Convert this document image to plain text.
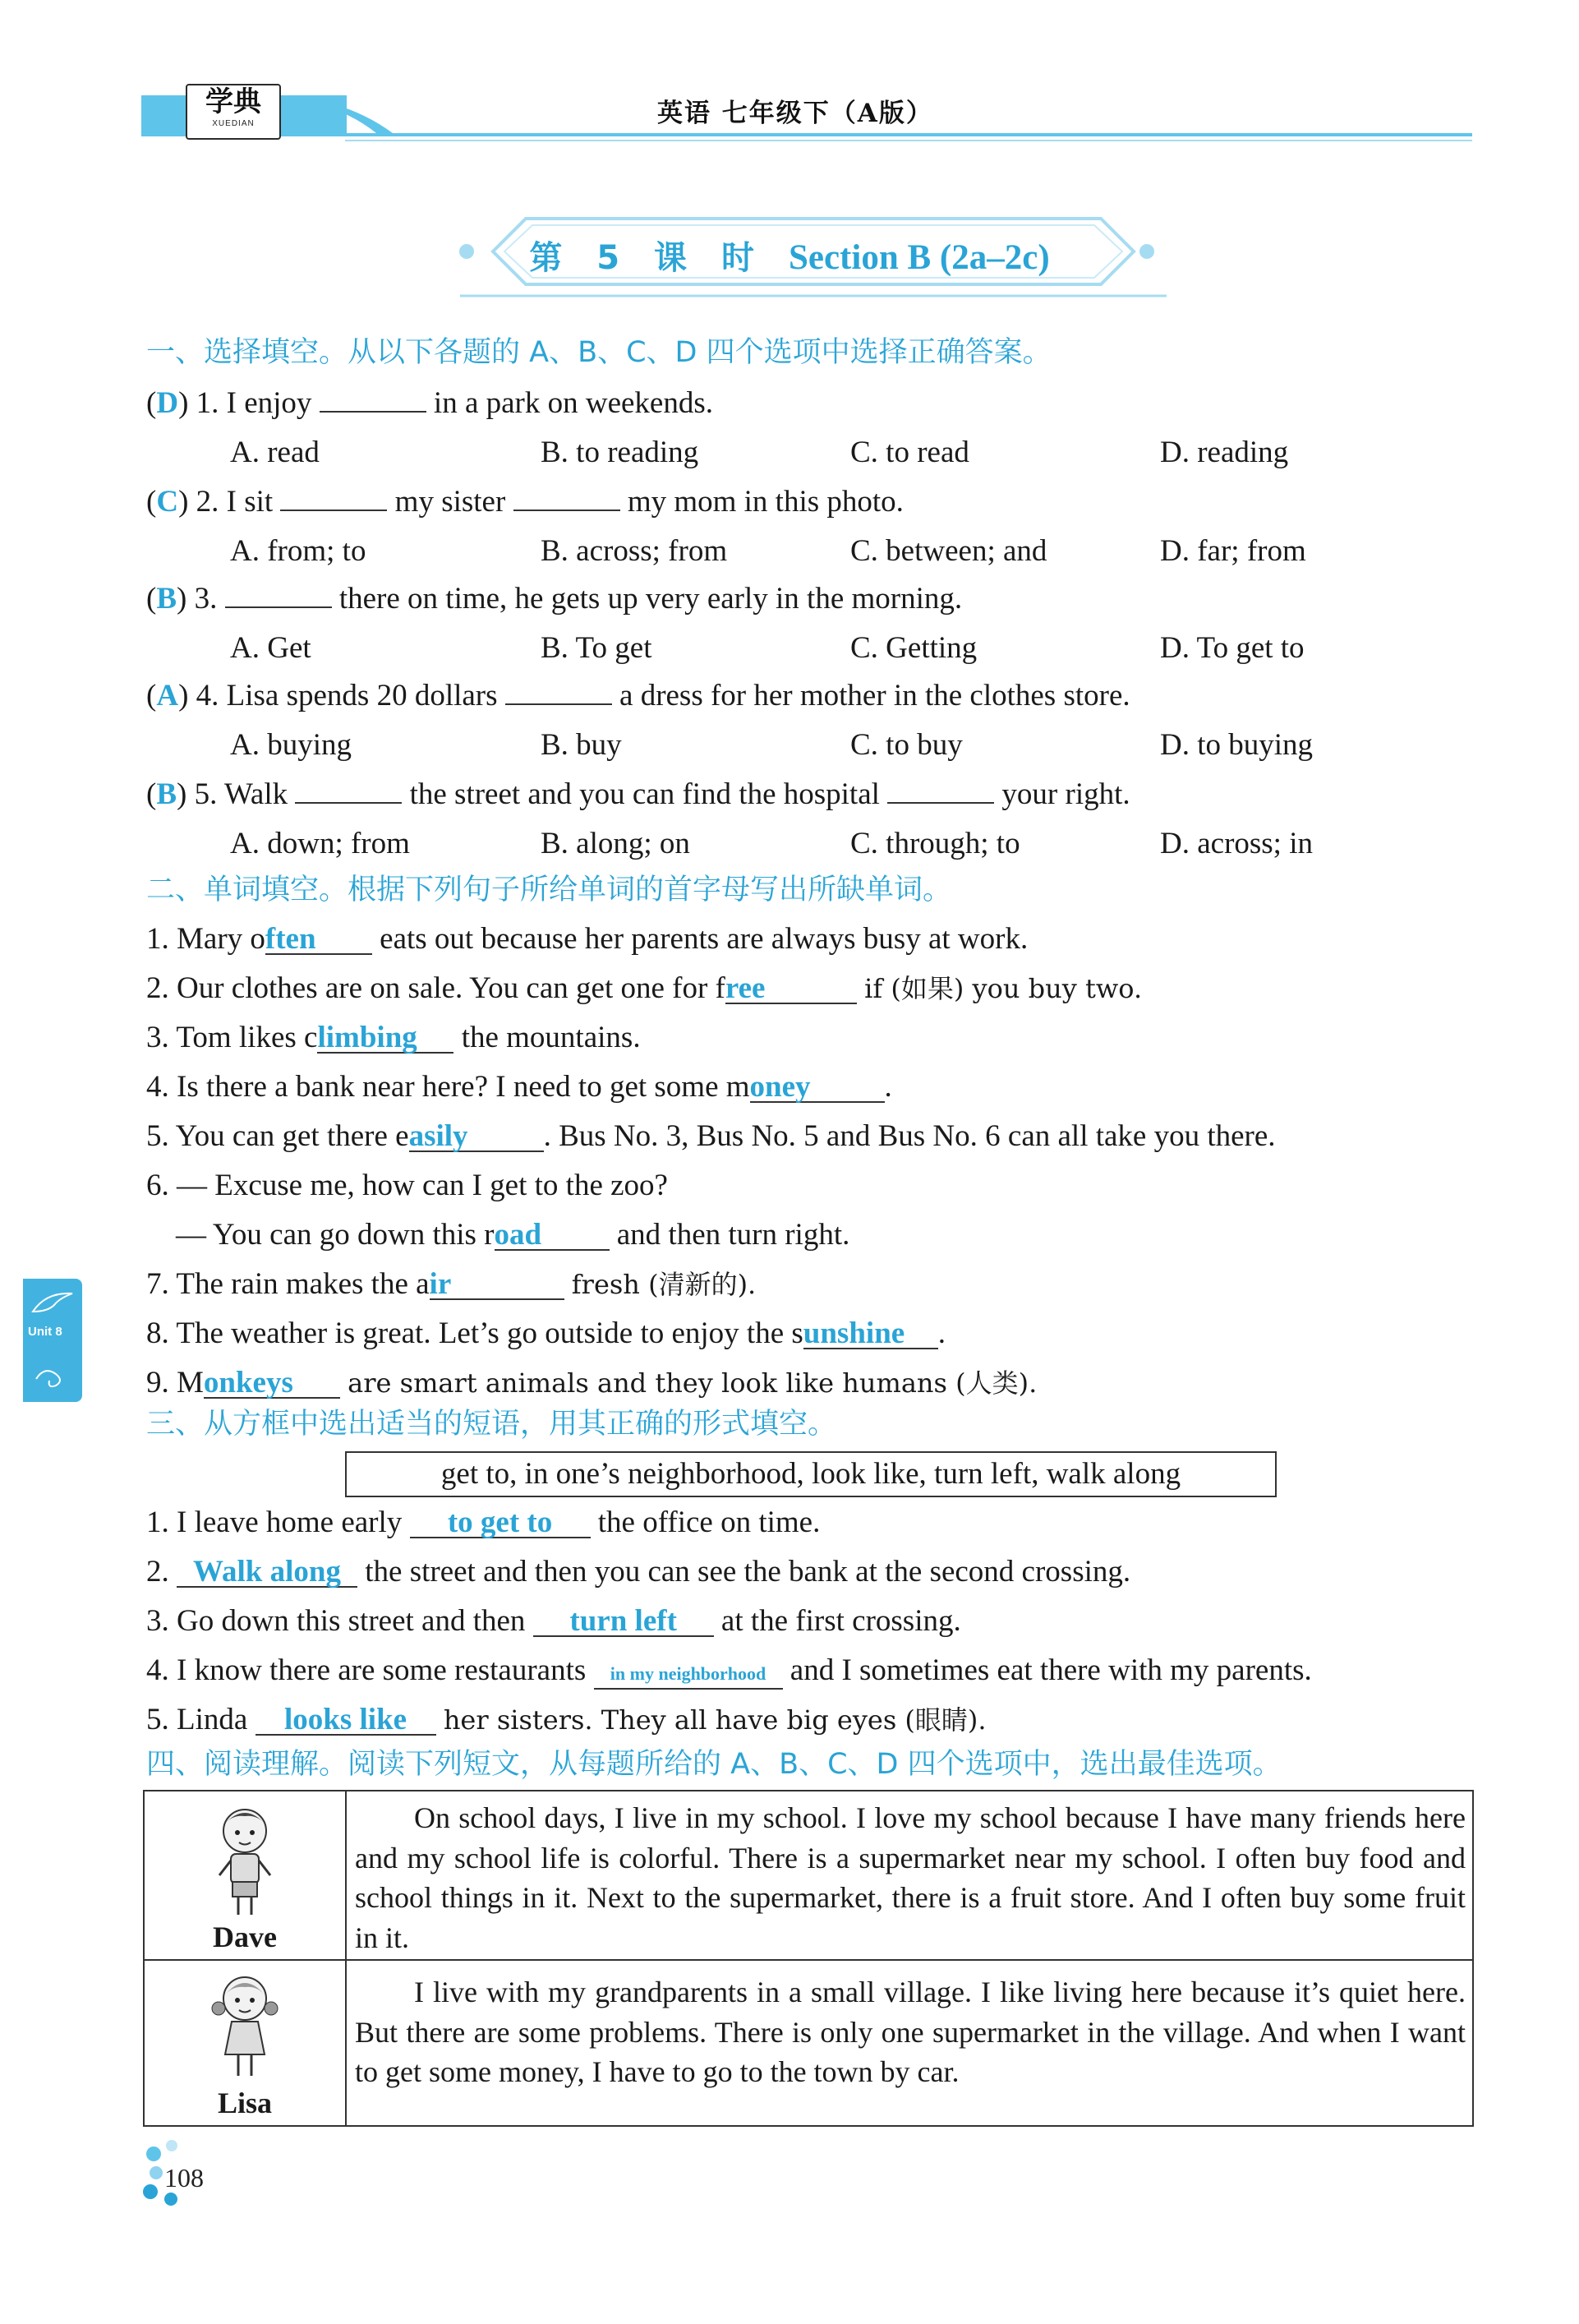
学典
XUEDIAN	英语 七年级下（A版）
第 5 课 时 Section B (2a–2c)
一、选择填空。从以下各题的 A、B、C、D 四个选项中选择正确答案。
(D) 1. I enjoy	in a park on weekends.
A. read	B. to reading	C. to read	D. reading
(C) 2. I sit	my sister	my mom in this photo.
A. from; to	B. across; from	C. between; and	D. far; from
(B) 3.	there on time, he gets up very early in the morning.
A. Get	B. To get	C. Getting	D. To get to
(A) 4. Lisa spends 20 dollars	a dress for her mother in the clothes store.
A. buying	B. buy	C. to buy	D. to buying
(B) 5. Walk	the street and you can find the hospital	your right.
A. down; from	B. along; on	C. through; to	D. across; in
二、单词填空。根据下列句子所给单词的首字母写出所缺单词。
1. Mary often eats out because her parents are always busy at work.
2. Our clothes are on sale. You can get one for free	if (如果) you buy two.
3. Tom likes climbing the mountains.
4. Is there a bank near here? I need to get some money .
5. You can get there easily . Bus No. 3, Bus No. 5 and Bus No. 6 can all take you there.
6. — Excuse me, how can I get to the zoo?
— You can go down this road and then turn right.
7. The rain makes the air	fresh (清新的).
8. The weather is great. Let’s go outside to enjoy the sunshine .
9. Monkeys are smart animals and they look like humans (人类).
三、从方框中选出适当的短语，用其正确的形式填空。
get to, in one’s neighborhood, look like, turn left, walk along
1. I leave home early to get to the office on time.
2. Walk along the street and then you can see the bank at the second crossing.
3. Go down this street and then turn left at the first crossing.
4. I know there are some restaurants in my neighborhood and I sometimes eat there with my parents.
5. Linda looks like her sisters. They all have big eyes (眼睛).
四、阅读理解。阅读下列短文，从每题所给的 A、B、C、D 四个选项中，选出最佳选项。
Dave

On school days, I live in my school. I love my school because I have many friends here and my school life is colorful. There is a supermarket near my school. I often buy food and school things in it. Next to the supermarket, there is a fruit store. And I often buy some fruit in it.

Lisa

I live with my grandparents in a small village. I like living here because it’s quiet here. But there are some problems. There is only one supermarket in the village. And when I want to get some money, I have to go to the town by car.

Unit 8
108
